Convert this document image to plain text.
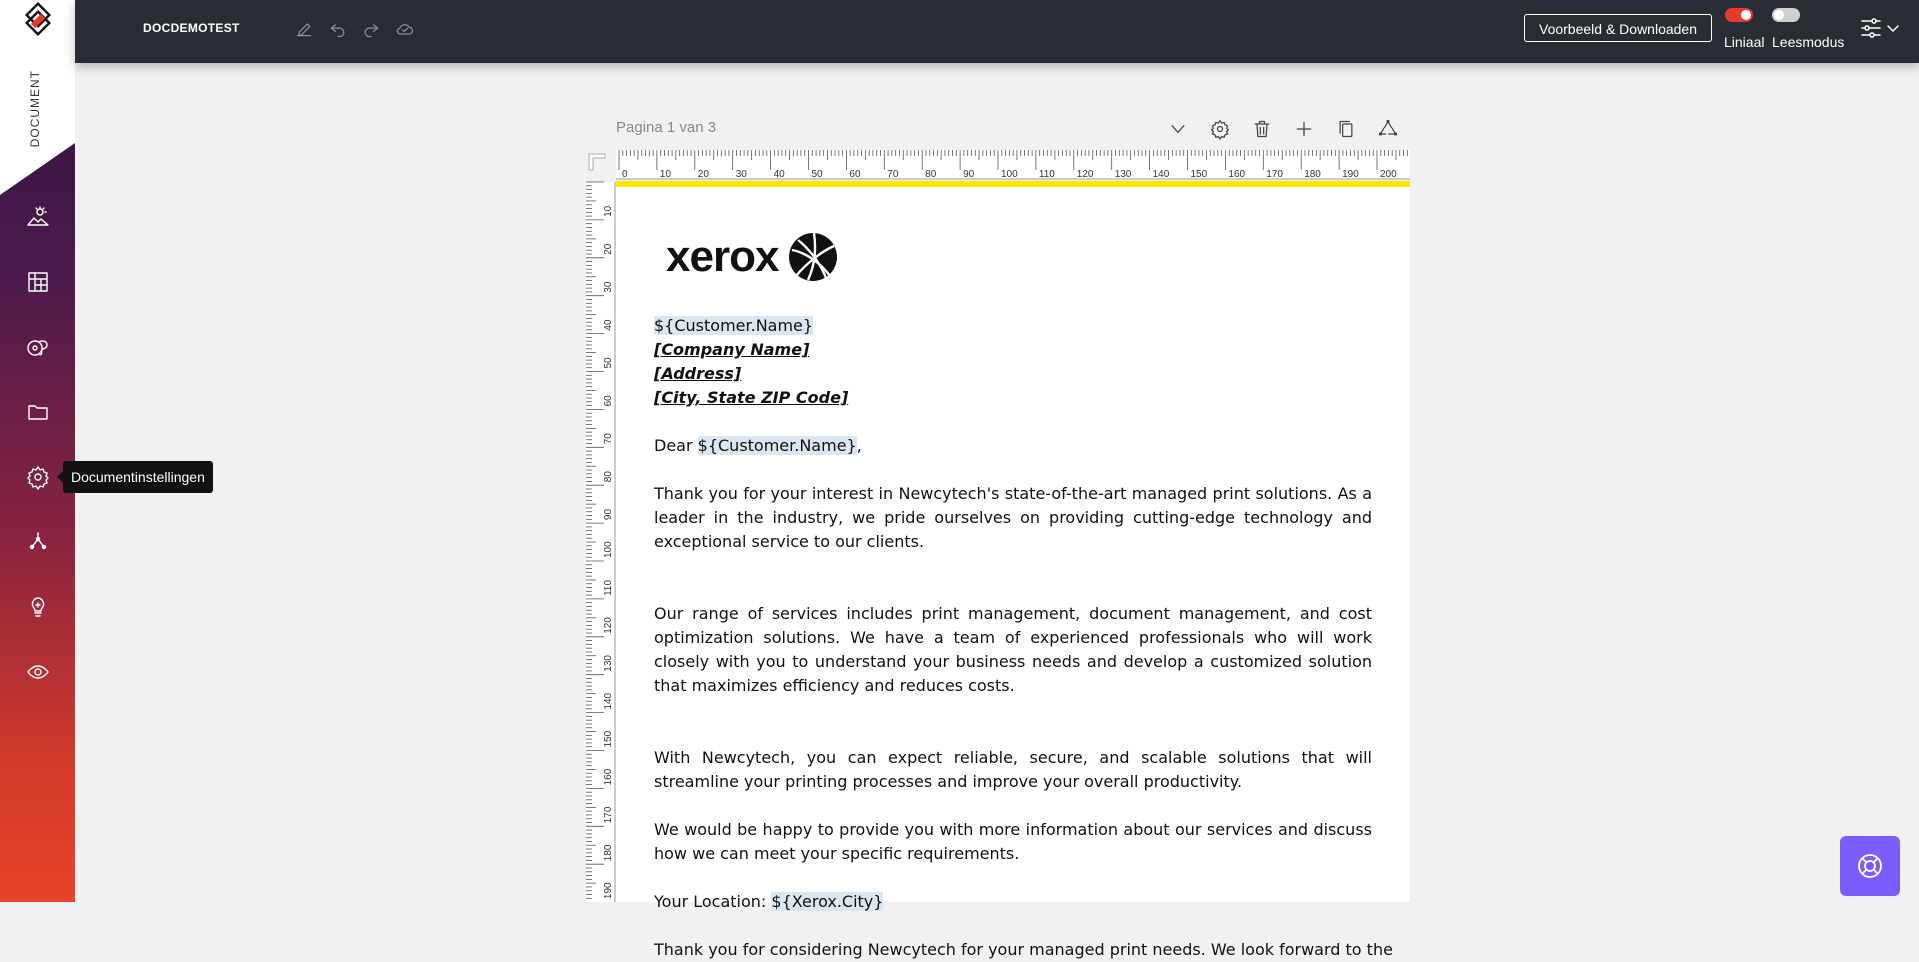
DOCUMENT
Documentinstellingen
DOCDEMOTEST	Voorbeeld & Downloaden
Liniaal Leesmodus
Pagina 1 van 3
0	10	20	30	40	50	60	70	80	90	100 110 120 130 140 150 160 170 180 190 200
10
20
30
40
50
60
70
80
90
100
110
120
130
140
150
160
170
180
190
xerox

${Customer.Name}
[Company Name]
[Address]
[City, State ZIP Code]

Dear ${Customer.Name},

Thank you for your interest in Newcytech's state-of-the-art managed print solutions. As a leader in the industry, we pride ourselves on providing cutting-edge technology and exceptional service to our clients.

Our range of services includes print management, document management, and cost optimization solutions. We have a team of experienced professionals who will work closely with you to understand your business needs and develop a customized solution that maximizes efficiency and reduces costs.

With Newcytech, you can expect reliable, secure, and scalable solutions that will streamline your printing processes and improve your overall productivity.

We would be happy to provide you with more information about our services and discuss how we can meet your specific requirements.

Your Location: ${Xerox.City}

Thank you for considering Newcytech for your managed print needs. We look forward to the
